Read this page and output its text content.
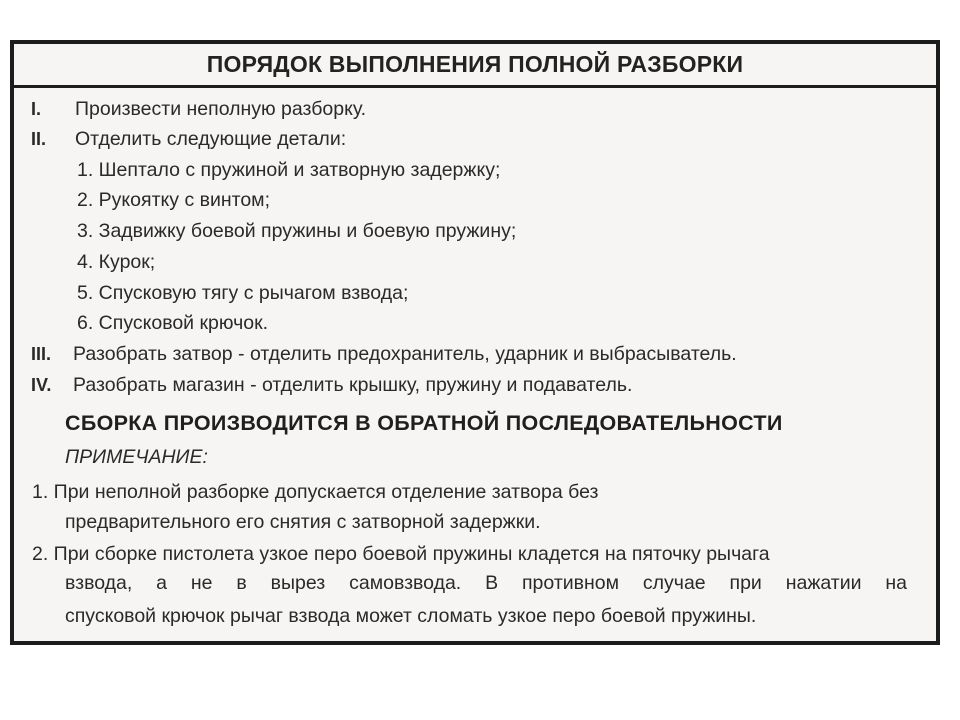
ПОРЯДОК ВЫПОЛНЕНИЯ ПОЛНОЙ РАЗБОРКИ
I. Произвести неполную разборку.
II. Отделить следующие детали:
1. Шептало с пружиной и затворную задержку;
2. Рукоятку с винтом;
3. Задвижку боевой пружины и боевую пружину;
4. Курок;
5. Спусковую тягу с рычагом взвода;
6. Спусковой крючок.
III. Разобрать затвор - отделить предохранитель, ударник и выбрасыватель.
IV. Разобрать магазин - отделить крышку, пружину и подаватель.
СБОРКА ПРОИЗВОДИТСЯ В ОБРАТНОЙ ПОСЛЕДОВАТЕЛЬНОСТИ
ПРИМЕЧАНИЕ:
1. При неполной разборке допускается отделение затвора без
предварительного его снятия с затворной задержки.
2. При сборке пистолета узкое перо боевой пружины кладется на пяточку рычага
взвода, а не в вырез самовзвода. В противном случае при нажатии на
спусковой крючок рычаг взвода может сломать узкое перо боевой пружины.
